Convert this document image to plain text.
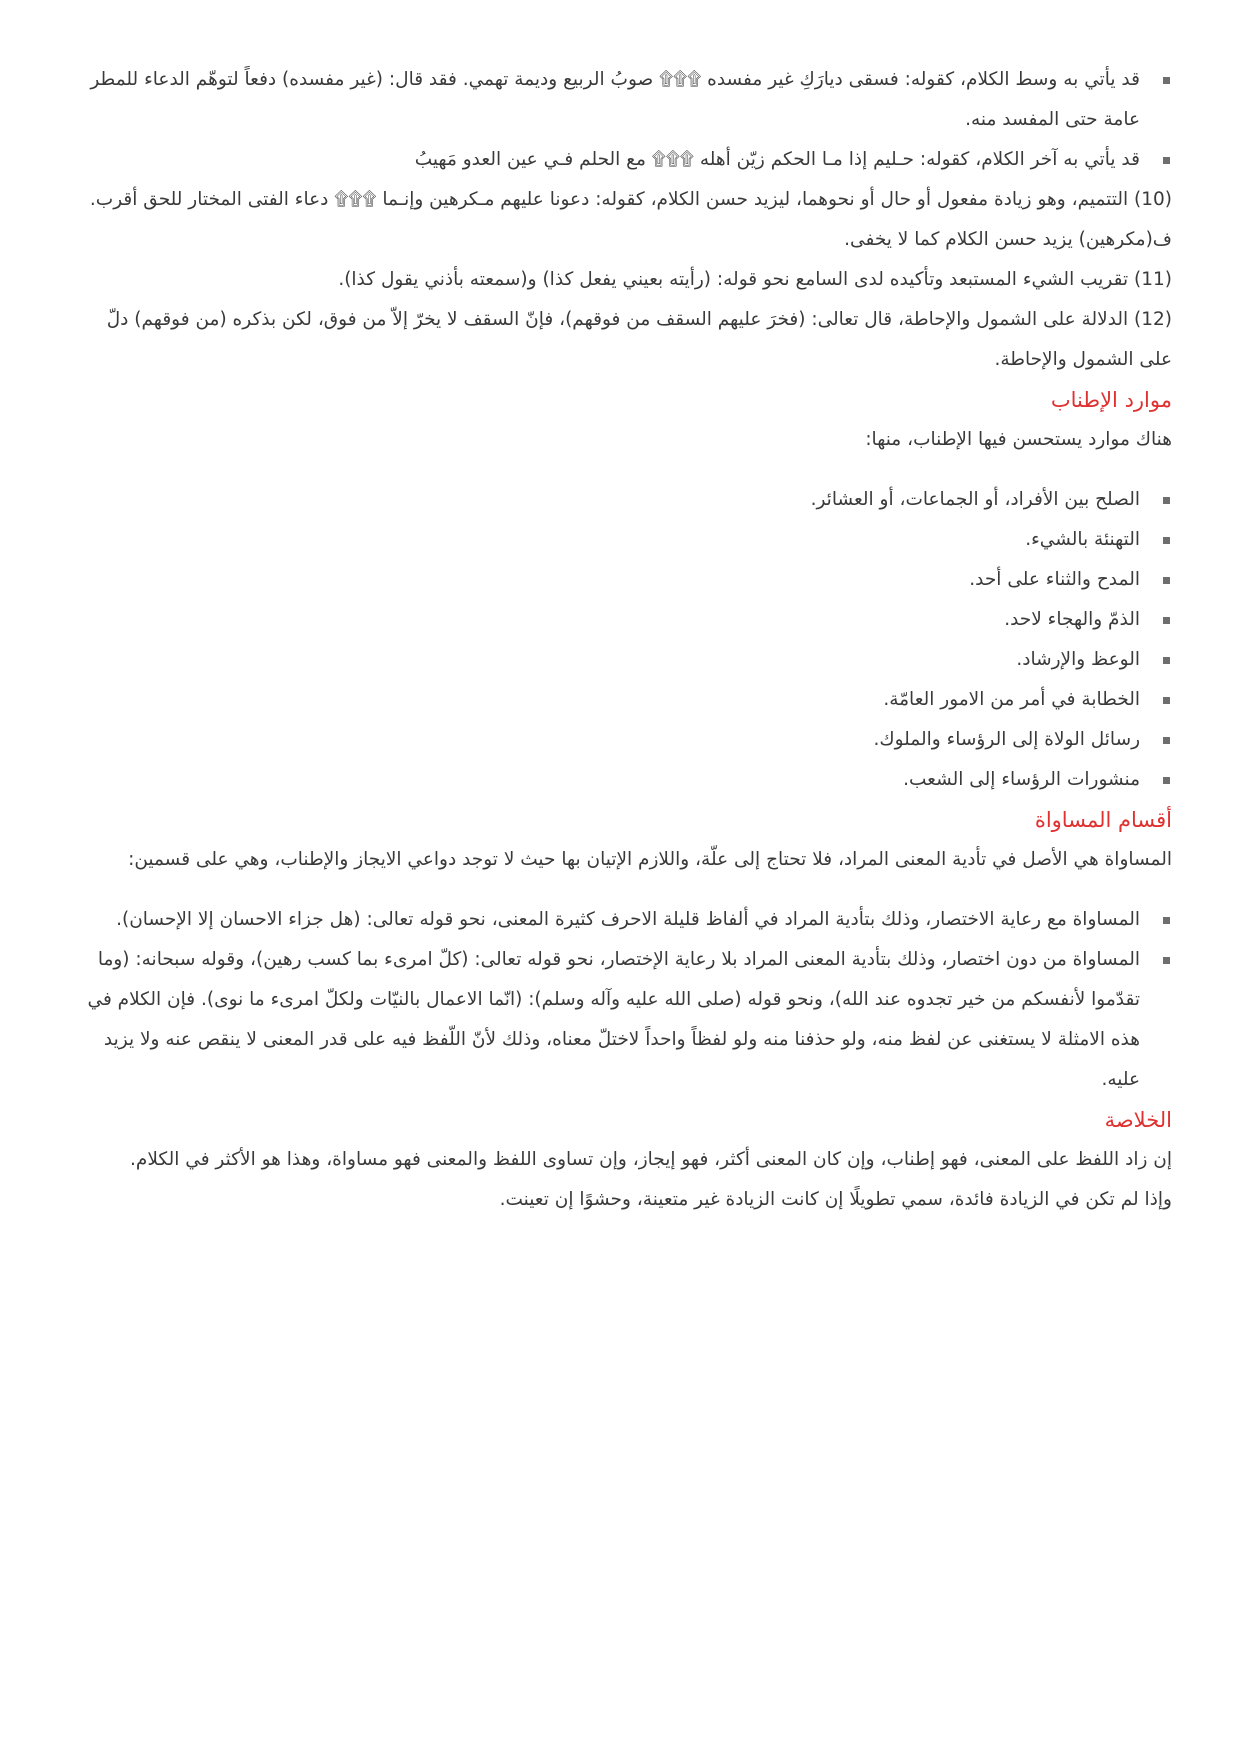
قد يأتي به وسط الكلام، كقوله: فسقى ديارَكِ غير مفسده ۩۩۩ صوبُ الربيع وديمة تهمي. فقد قال: (غير مفسده) دفعاً لتوهّم الدعاء للمطر عامة حتى المفسد منه.
قد يأتي به آخر الكلام، كقوله: حـليم إذا مـا الحكم زيّن أهله ۩۩۩ مع الحلم فـي عين العدو مَهيبُ

(10) التتميم، وهو زيادة مفعول أو حال أو نحوهما، ليزيد حسن الكلام، كقوله: دعونا عليهم مـكرهين وإنـما ۩۩۩ دعاء الفتى المختار للحق أقرب. ف(مكرهين) يزيد حسن الكلام كما لا يخفى.

(11) تقريب الشيء المستبعد وتأكيده لدى السامع نحو قوله: (رأيته بعيني يفعل كذا) و(سمعته بأذني يقول كذا).

(12) الدلالة على الشمول والإحاطة، قال تعالى: (فخرَ عليهم السقف من فوقهم)، فإنّ السقف لا يخرّ إلاّ من فوق، لكن بذكره (من فوقهم) دلّ على الشمول والإحاطة.

موارد الإطناب

هناك موارد يستحسن فيها الإطناب، منها:

الصلح بين الأفراد، أو الجماعات، أو العشائر.
التهنئة بالشيء.
المدح والثناء على أحد.
الذمّ والهجاء لاحد.
الوعظ والإرشاد.
الخطابة في أمر من الامور العامّة.
رسائل الولاة إلى الرؤساء والملوك.
منشورات الرؤساء إلى الشعب.
أقسام المساواة

المساواة هي الأصل في تأدية المعنى المراد، فلا تحتاج إلى علّة، واللازم الإتيان بها حيث لا توجد دواعي الايجاز والإطناب، وهي على قسمين:

المساواة مع رعاية الاختصار، وذلك بتأدية المراد في ألفاظ قليلة الاحرف كثيرة المعنى، نحو قوله تعالى: (هل جزاء الاحسان إلا الإحسان).
المساواة من دون اختصار، وذلك بتأدية المعنى المراد بلا رعاية الإختصار، نحو قوله تعالى: (كلّ امرىء بما كسب رهين)، وقوله سبحانه: (وما تقدّموا لأنفسكم من خير تجدوه عند الله)، ونحو قوله (صلى الله عليه وآله وسلم): (انّما الاعمال بالنيّات ولكلّ امرىء ما نوى). فإن الكلام في هذه الامثلة لا يستغنى عن لفظ منه، ولو حذفنا منه ولو لفظاً واحداً لاختلّ معناه، وذلك لأنّ اللّفظ فيه على قدر المعنى لا ينقص عنه ولا يزيد عليه.
الخلاصة

إن زاد اللفظ على المعنى، فهو إطناب، وإن كان المعنى أكثر، فهو إيجاز، وإن تساوى اللفظ والمعنى فهو مساواة، وهذا هو الأكثر في الكلام.

وإذا لم تكن في الزيادة فائدة، سمي تطويلًا إن كانت الزيادة غير متعينة، وحشوًا إن تعينت.
